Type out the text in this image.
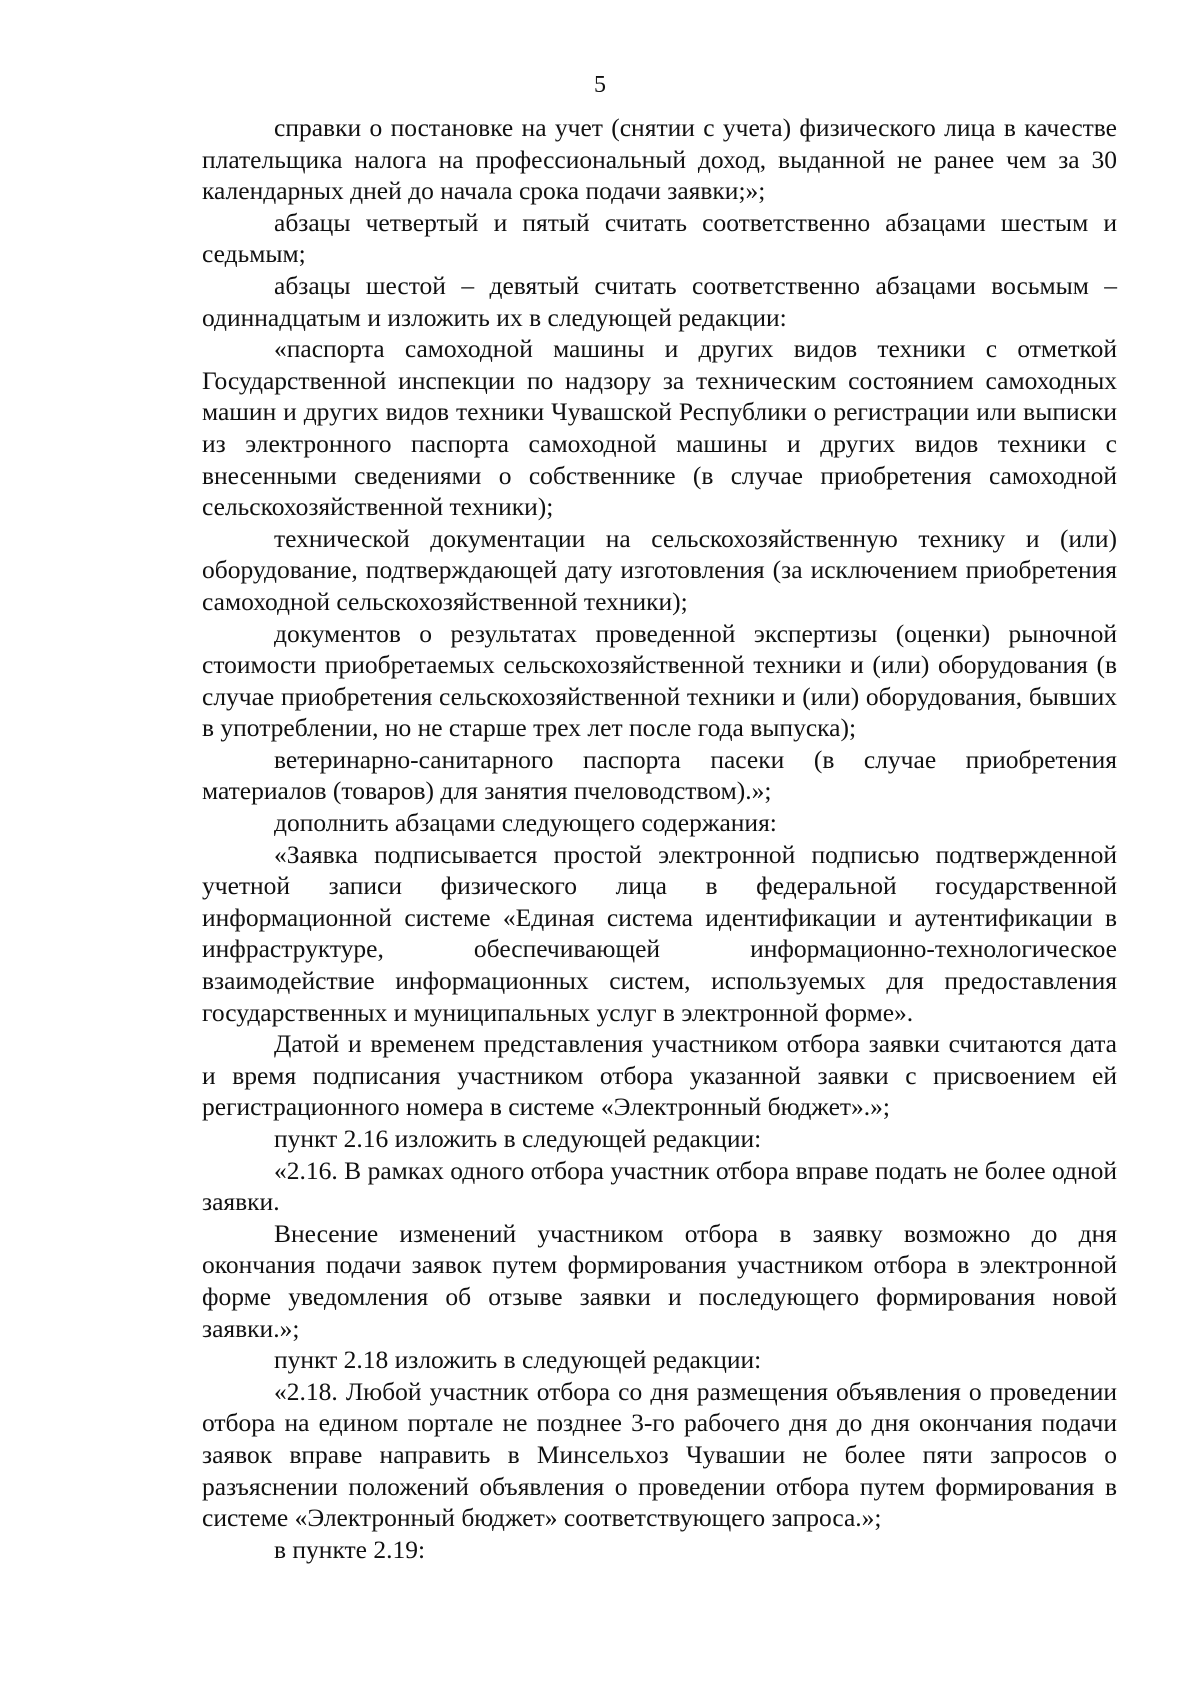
5

справки о постановке на учет (снятии с учета) физического лица в качестве плательщика налога на профессиональный доход, выданной не ранее чем за 30 календарных дней до начала срока подачи заявки;»;

абзацы четвертый и пятый считать соответственно абзацами шестым и седьмым;

абзацы шестой – девятый считать соответственно абзацами восьмым – одиннадцатым и изложить их в следующей редакции:

«паспорта самоходной машины и других видов техники с отметкой Государственной инспекции по надзору за техническим состоянием самоходных машин и других видов техники Чувашской Республики о регистрации или выписки из электронного паспорта самоходной машины и других видов техники с внесенными сведениями о собственнике (в случае приобретения самоходной сельскохозяйственной техники);

технической документации на сельскохозяйственную технику и (или) оборудование, подтверждающей дату изготовления (за исключением приобретения самоходной сельскохозяйственной техники);

документов о результатах проведенной экспертизы (оценки) рыночной стоимости приобретаемых сельскохозяйственной техники и (или) оборудования (в случае приобретения сельскохозяйственной техники и (или) оборудования, бывших в употреблении, но не старше трех лет после года выпуска);

ветеринарно-санитарного паспорта пасеки (в случае приобретения материалов (товаров) для занятия пчеловодством).»;

дополнить абзацами следующего содержания:

«Заявка подписывается простой электронной подписью подтвержденной учетной записи физического лица в федеральной государственной информационной системе «Единая система идентификации и аутентификации в инфраструктуре, обеспечивающей информационно-технологическое взаимодействие информационных систем, используемых для предоставления государственных и муниципальных услуг в электронной форме».

Датой и временем представления участником отбора заявки считаются дата и время подписания участником отбора указанной заявки с присвоением ей регистрационного номера в системе «Электронный бюджет».»;

пункт 2.16 изложить в следующей редакции:

«2.16. В рамках одного отбора участник отбора вправе подать не более одной заявки.

Внесение изменений участником отбора в заявку возможно до дня окончания подачи заявок путем формирования участником отбора в электронной форме уведомления об отзыве заявки и последующего формирования новой заявки.»;

пункт 2.18 изложить в следующей редакции:

«2.18. Любой участник отбора со дня размещения объявления о проведении отбора на едином портале не позднее 3-го рабочего дня до дня окончания подачи заявок вправе направить в Минсельхоз Чувашии не более пяти запросов о разъяснении положений объявления о проведении отбора путем формирования в системе «Электронный бюджет» соответствующего запроса.»;

в пункте 2.19:
